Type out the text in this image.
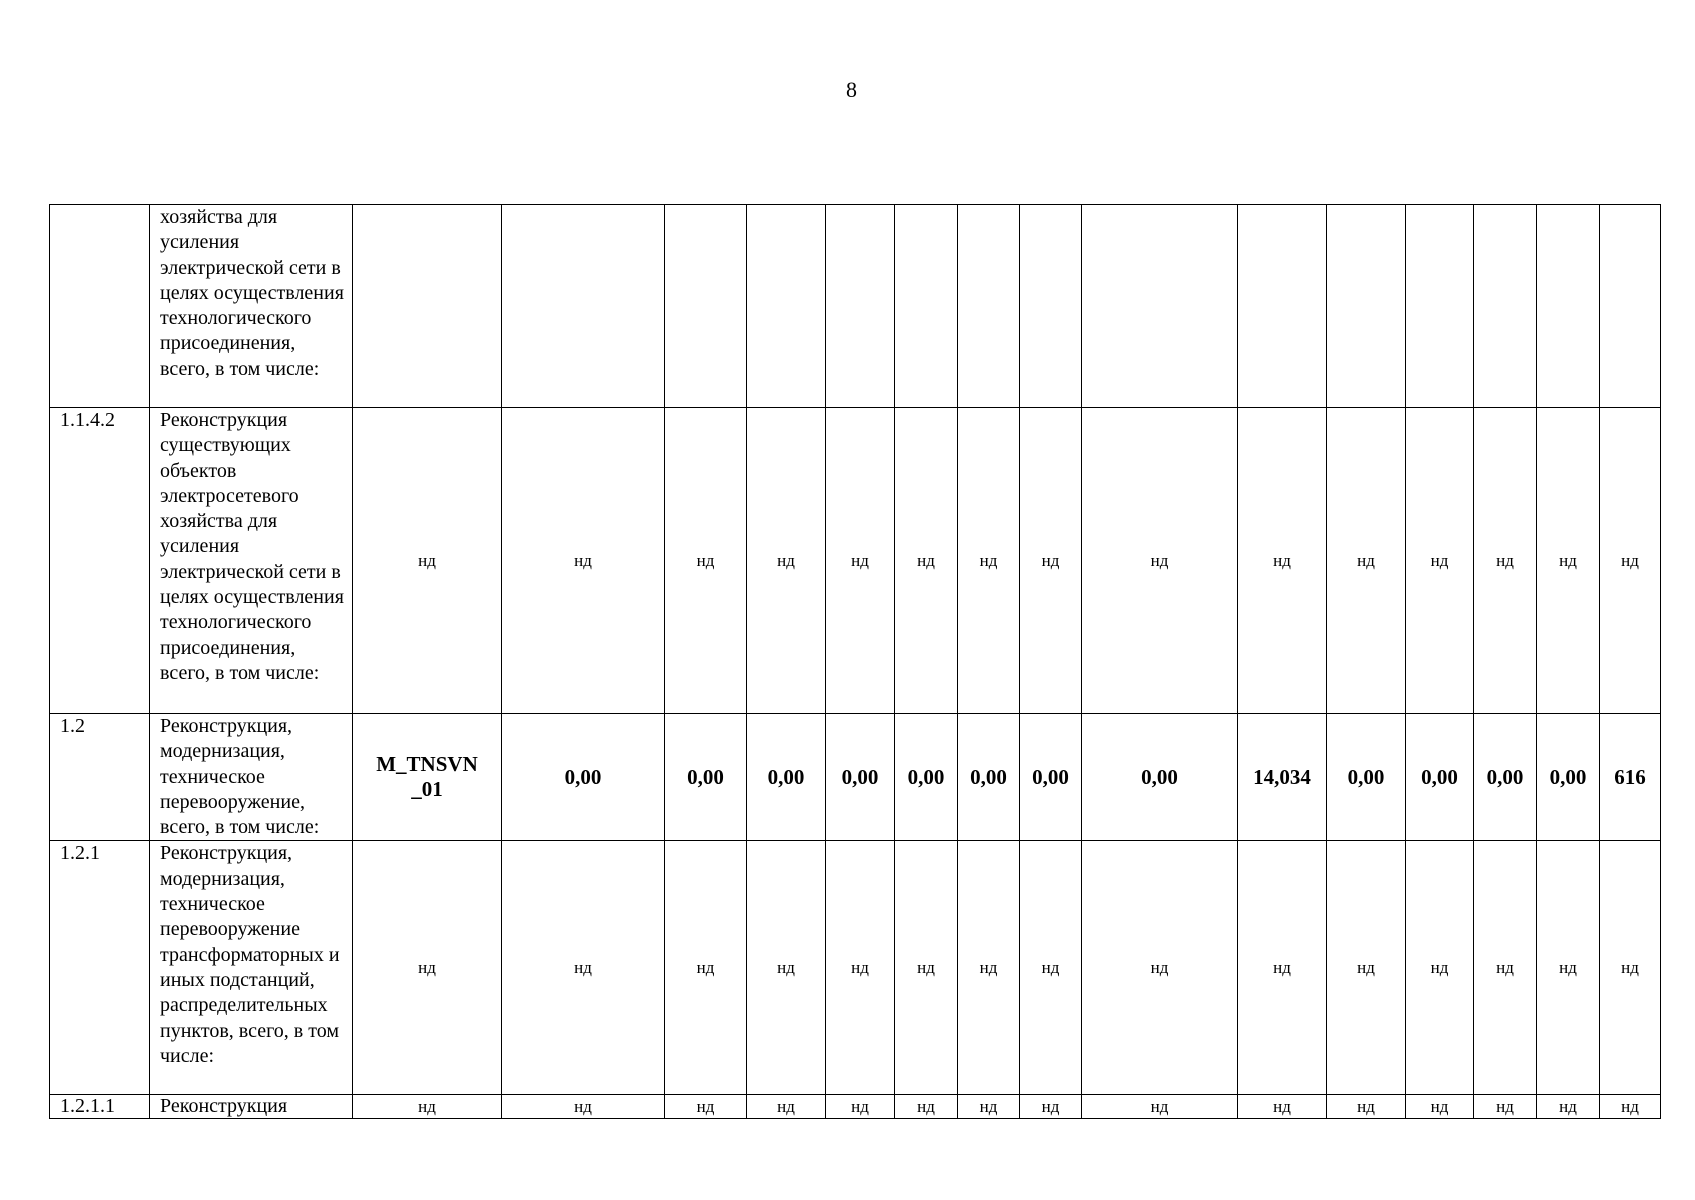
8
	хозяйства для усиления электрической сети в целях осуществления технологического присоединения, всего, в том числе:															
1.1.4.2	Реконструкция существующих объектов электросетевого хозяйства для усиления электрической сети в целях осуществления технологического присоединения, всего, в том числе:	нд	нд	нд	нд	нд	нд	нд	нд	нд	нд	нд	нд	нд	нд	нд
1.2	Реконструкция, модернизация, техническое перевооружение, всего, в том числе:	M_TNSVN_01	0,00	0,00	0,00	0,00	0,00	0,00	0,00	0,00	14,034	0,00	0,00	0,00	0,00	616
1.2.1	Реконструкция, модернизация, техническое перевооружение трансформаторных и иных подстанций, распределительных пунктов, всего, в том числе:	нд	нд	нд	нд	нд	нд	нд	нд	нд	нд	нд	нд	нд	нд	нд
1.2.1.1	Реконструкция	нд	нд	нд	нд	нд	нд	нд	нд	нд	нд	нд	нд	нд	нд	нд
